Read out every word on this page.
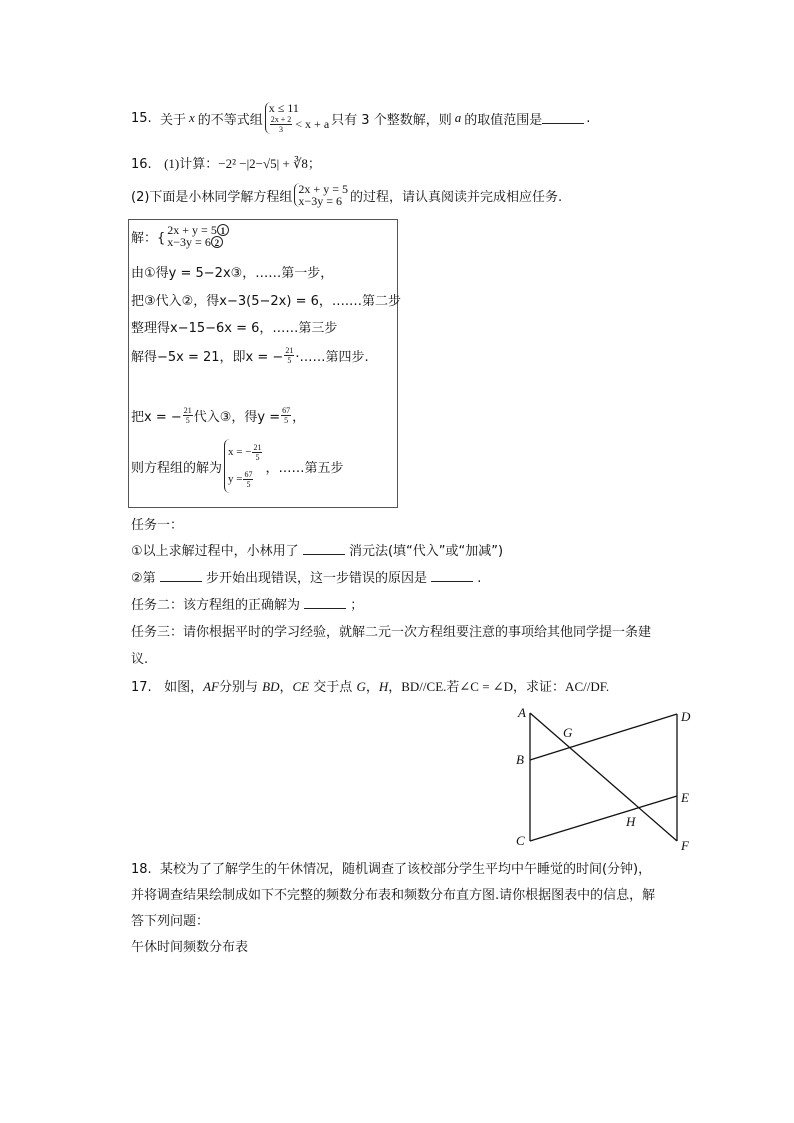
15.
关于 x 的不等式组
x ≤ 11
$\frac{2x + 2}{3} < x + a$ 只有 3 个整数解，则 a 的取值范围是	.
16. (1)计算：−2² −|2−√5| + ∛8；
(2)下面是小林同学解方程组
2x + y = 5
x−3y = 6 的过程，请认真阅读并完成相应任务.
解：{
2x + y = 5 1
x−3y = 6 2
由①得y = 5−2x③，……第一步，
把③代入②，得x−3(5−2x) = 6，….…第二步
整理得x−15−6x = 6，……第三步
解得−5x = 21，即x = − $\frac{21}{5}$ ·……第四步.
把x = − $\frac{21}{5}$ 代入③，得$y = \frac{67}{5}$ ，
则方程组的解为
x = − $\frac{21}{5}$
$y = \frac{67}{5}$
，……第五步
任务一：
①以上求解过程中，小林用了	消元法(填“代入”或“加减”)
②第	步开始出现错误，这一步错误的原因是	.
任务二：该方程组的正确解为	；
任务三：请你根据平时的学习经验，就解二元一次方程组要注意的事项给其他同学提一条建
议.
17. 如图，AF分别与 BD，CE 交于点 G，H，BD//CE.若∠C = ∠D，求证：AC//DF.
A
B
C
D
E
F
G
H
18. 某校为了了解学生的午休情况，随机调查了该校部分学生平均中午睡觉的时间(分钟)，
并将调查结果绘制成如下不完整的频数分布表和频数分布直方图.请你根据图表中的信息，解
答下列问题：
午休时间频数分布表
